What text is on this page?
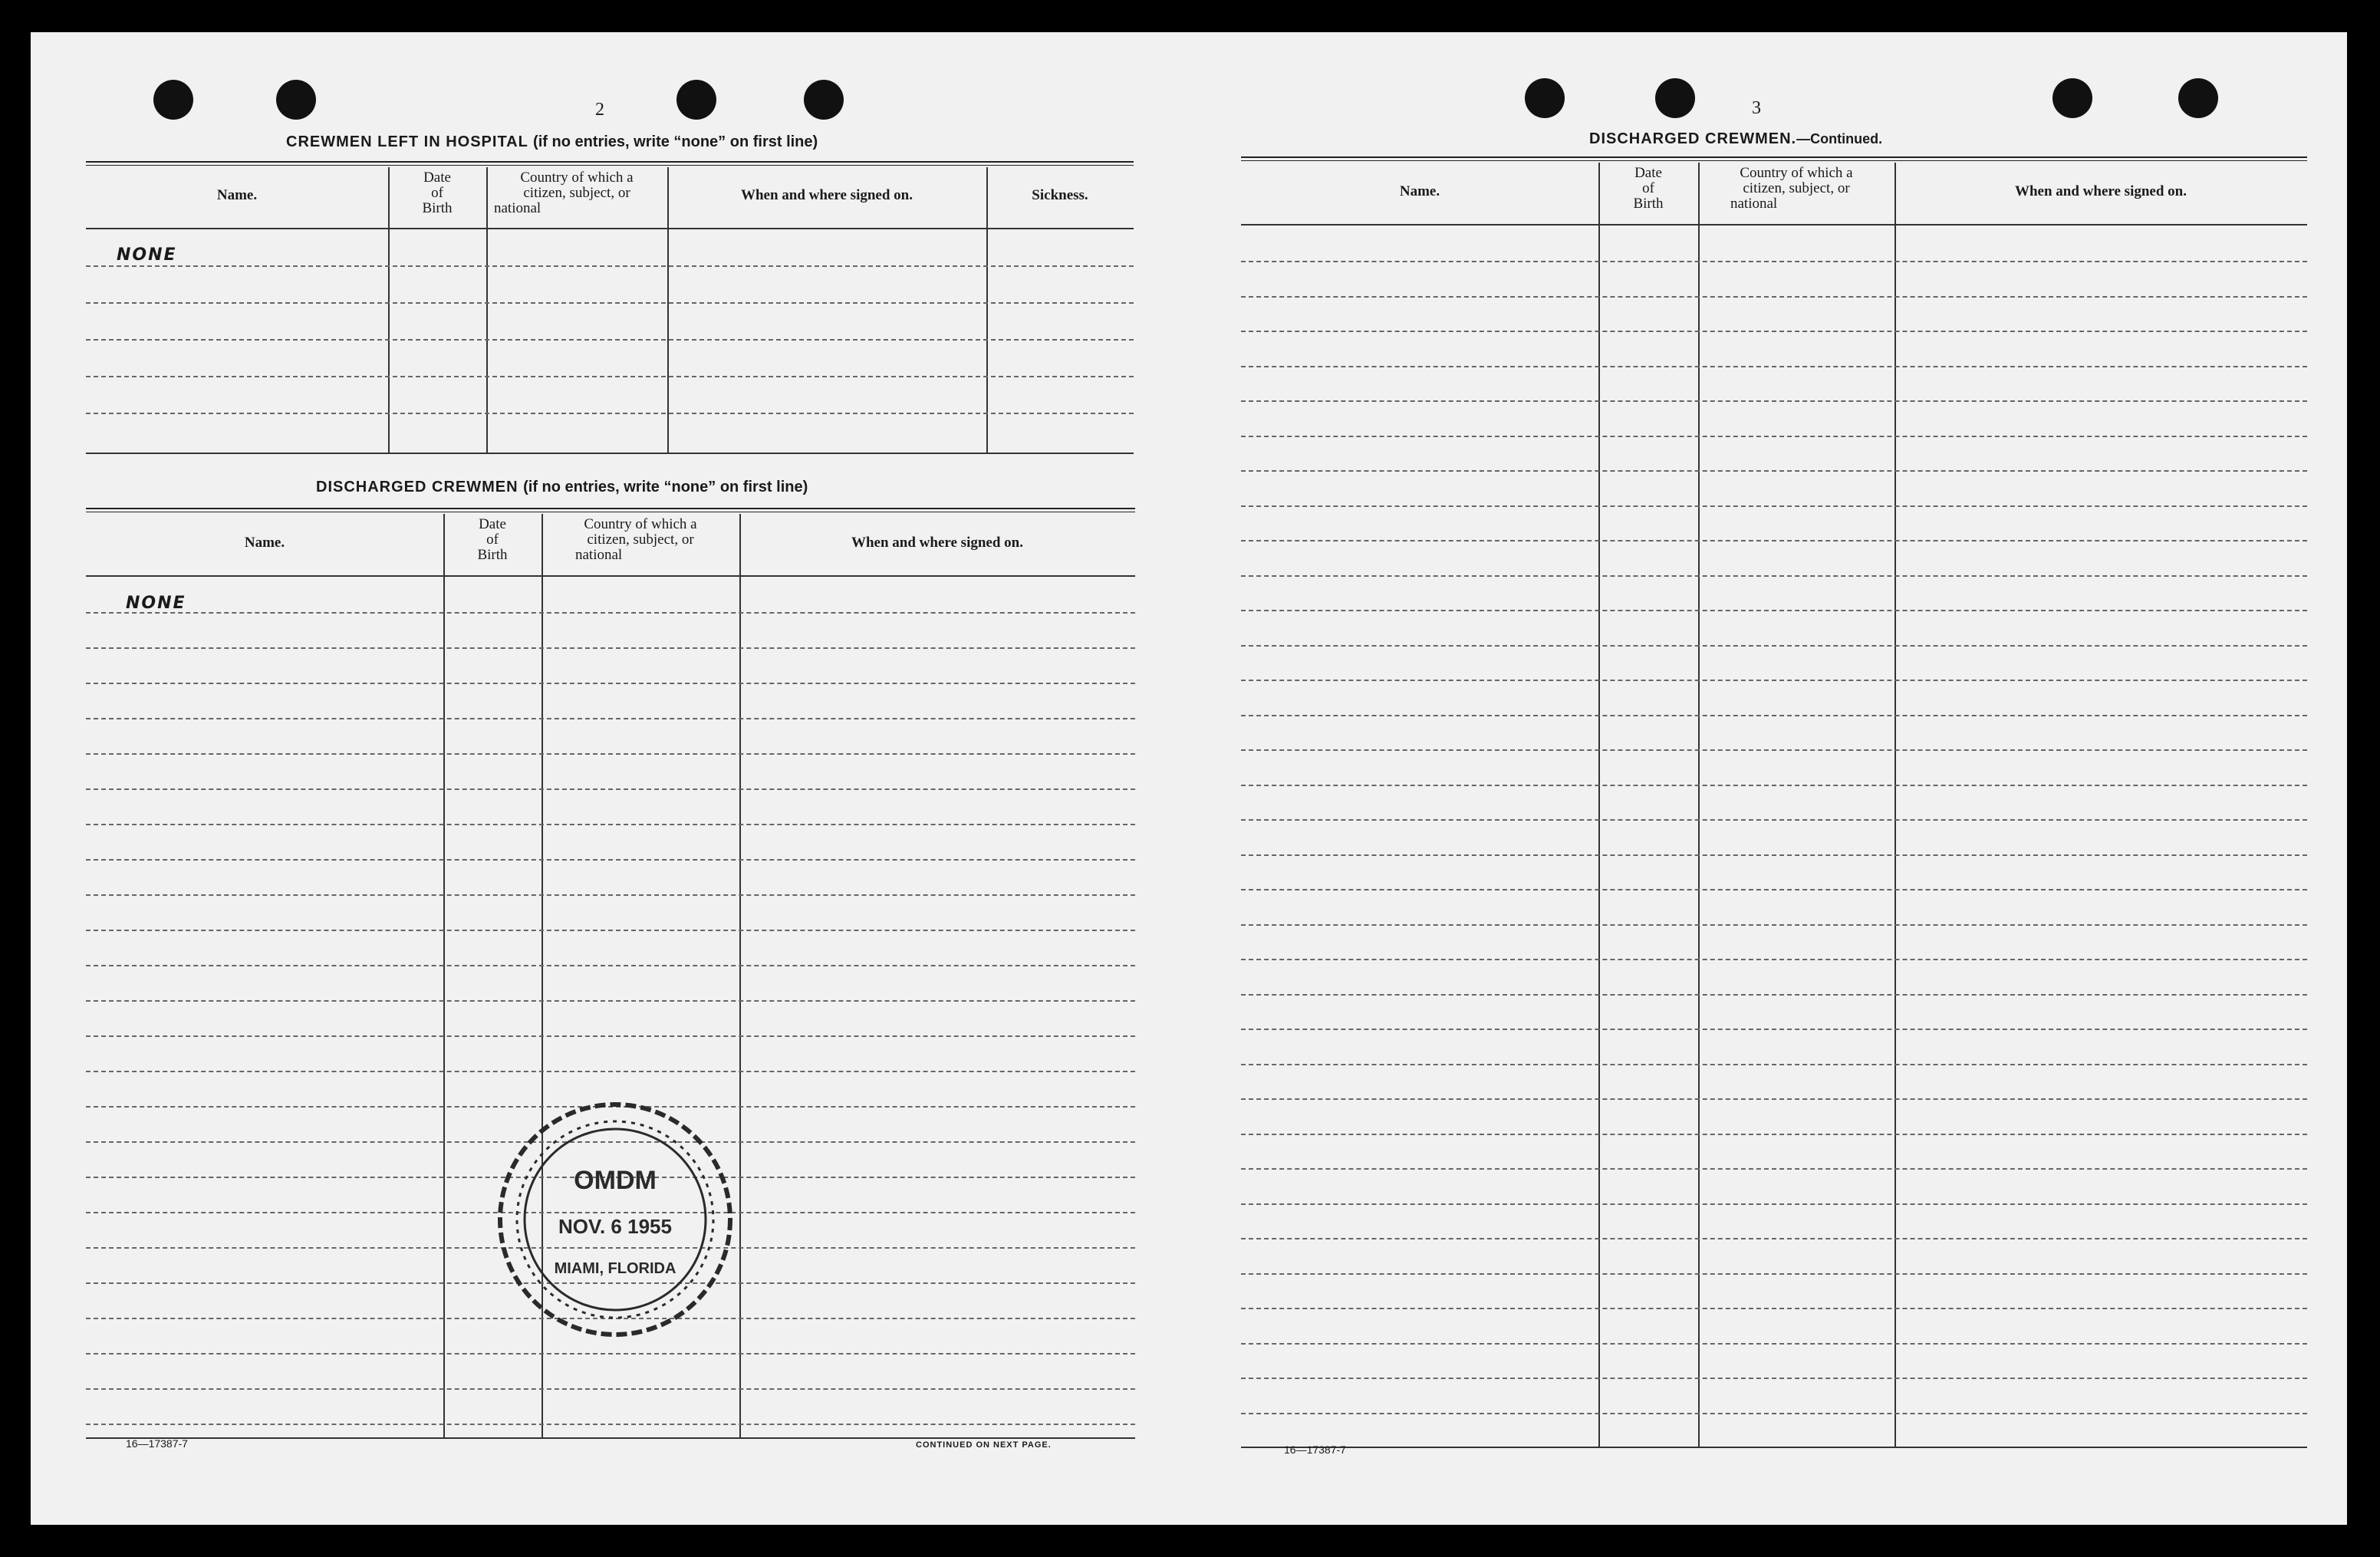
2
CREWMEN LEFT IN HOSPITAL (if no entries, write “none” on first line)
Name.
Date
of
Birth
Country of which a
citizen, subject, or
national
When and where signed on.	Sickness.
NONE
DISCHARGED CREWMEN (if no entries, write “none” on first line)
Name.
Date
of
Birth
Country of which a
citizen, subject, or
national
When and where signed on.
NONE
16—17387-7	CONTINUED ON NEXT PAGE.
OMDM
NOV. 6 1955
MIAMI, FLORIDA
3
DISCHARGED CREWMEN.—Continued.
Name.
Date
of
Birth
Country of which a
citizen, subject, or
national
When and where signed on.
16—17387-7
